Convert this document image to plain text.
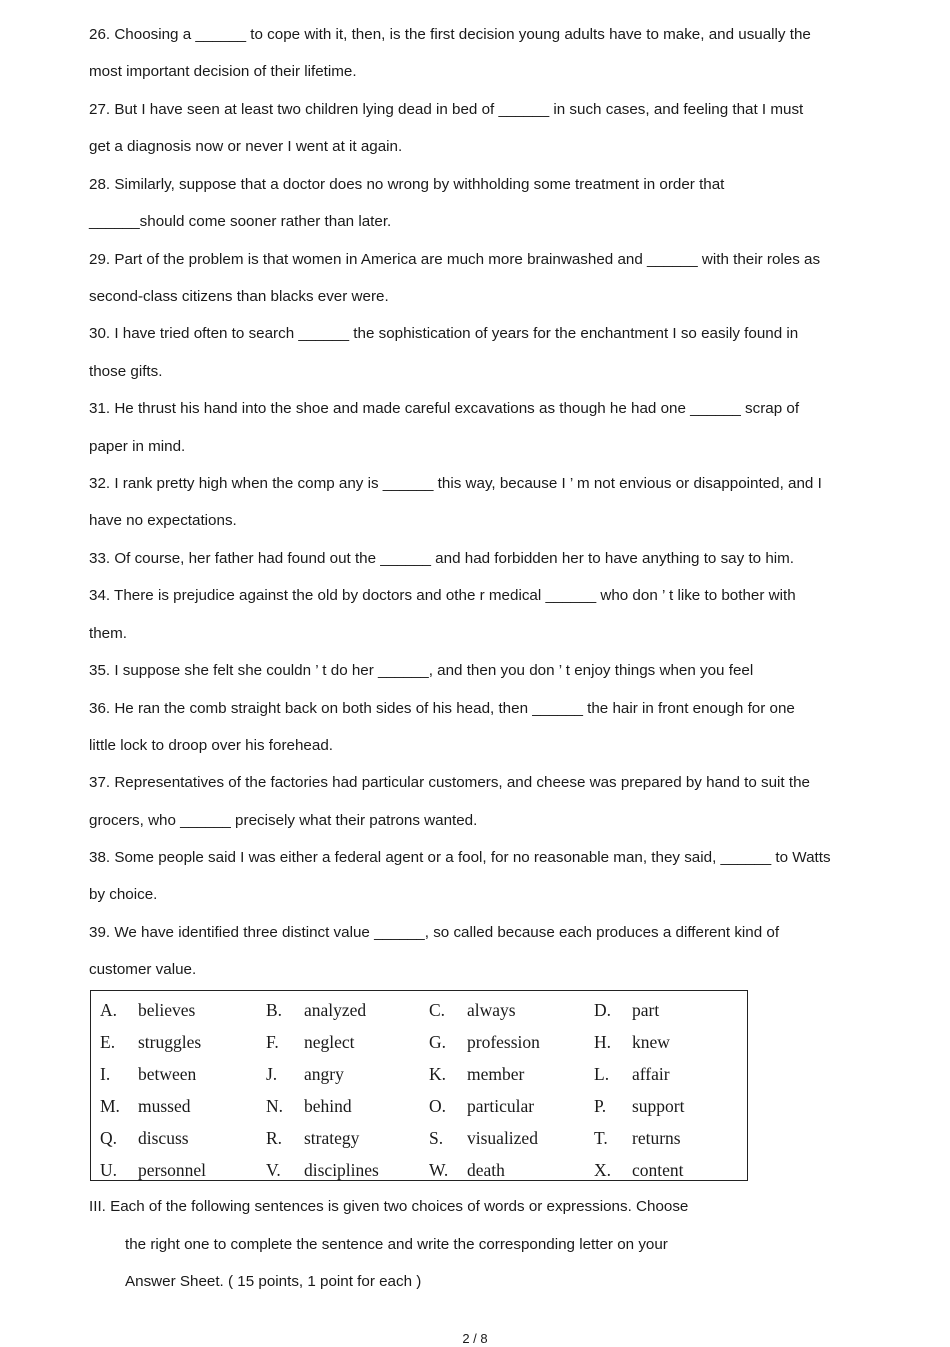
26. Choosing a ______ to cope with it, then, is the first decision young adults have to make, and usually the
most important decision of their lifetime.
27. But I have seen at least two children lying dead in bed of ______ in such cases, and feeling that I must
get a diagnosis now or never I went at it again.
28. Similarly, suppose that a doctor does no wrong by withholding some treatment in order that
______should come sooner rather than later.
29. Part of the problem is that women in America are much more brainwashed and ______ with their roles as
second-class citizens than blacks ever were.
30. I have tried often to search ______ the sophistication of years for the enchantment I so easily found in
those gifts.
31. He thrust his hand into the shoe and made careful excavations as though he had one ______ scrap of
paper in mind.
32. I rank pretty high when the comp any is ______ this way, because I ’ m not envious or disappointed, and I
have no expectations.
33. Of course, her father had found out the ______ and had forbidden her to have anything to say to him.
34. There is prejudice against the old by doctors and othe r medical ______ who don ’ t like to bother with
them.
35. I suppose she felt she couldn ’ t do her ______, and then you don ’ t enjoy things when you feel
36. He ran the comb straight back on both sides of his head, then ______ the hair in front enough for one
little lock to droop over his forehead.
37. Representatives of the factories had particular customers, and cheese was prepared by hand to suit the
grocers, who ______ precisely what their patrons wanted.
38. Some people said I was either a federal agent or a fool, for no reasonable man, they said, ______ to Watts
by choice.
39. We have identified three distinct value ______, so called because each produces a different kind of
customer value.
A. believes	B. analyzed	C. always	D. part
E. struggles	F. neglect	G. profession	H. knew
I. between	J. angry	K. member	L. affair
M. mussed	N. behind	O. particular	P. support
Q. discuss	R. strategy	S. visualized	T. returns
U. personnel	V. disciplines	W. death	X. content
III. Each of the following sentences is given two choices of words or expressions. Choose
the right one to complete the sentence and write the corresponding letter on your
Answer Sheet. ( 15 points, 1 point for each )
2 / 8
